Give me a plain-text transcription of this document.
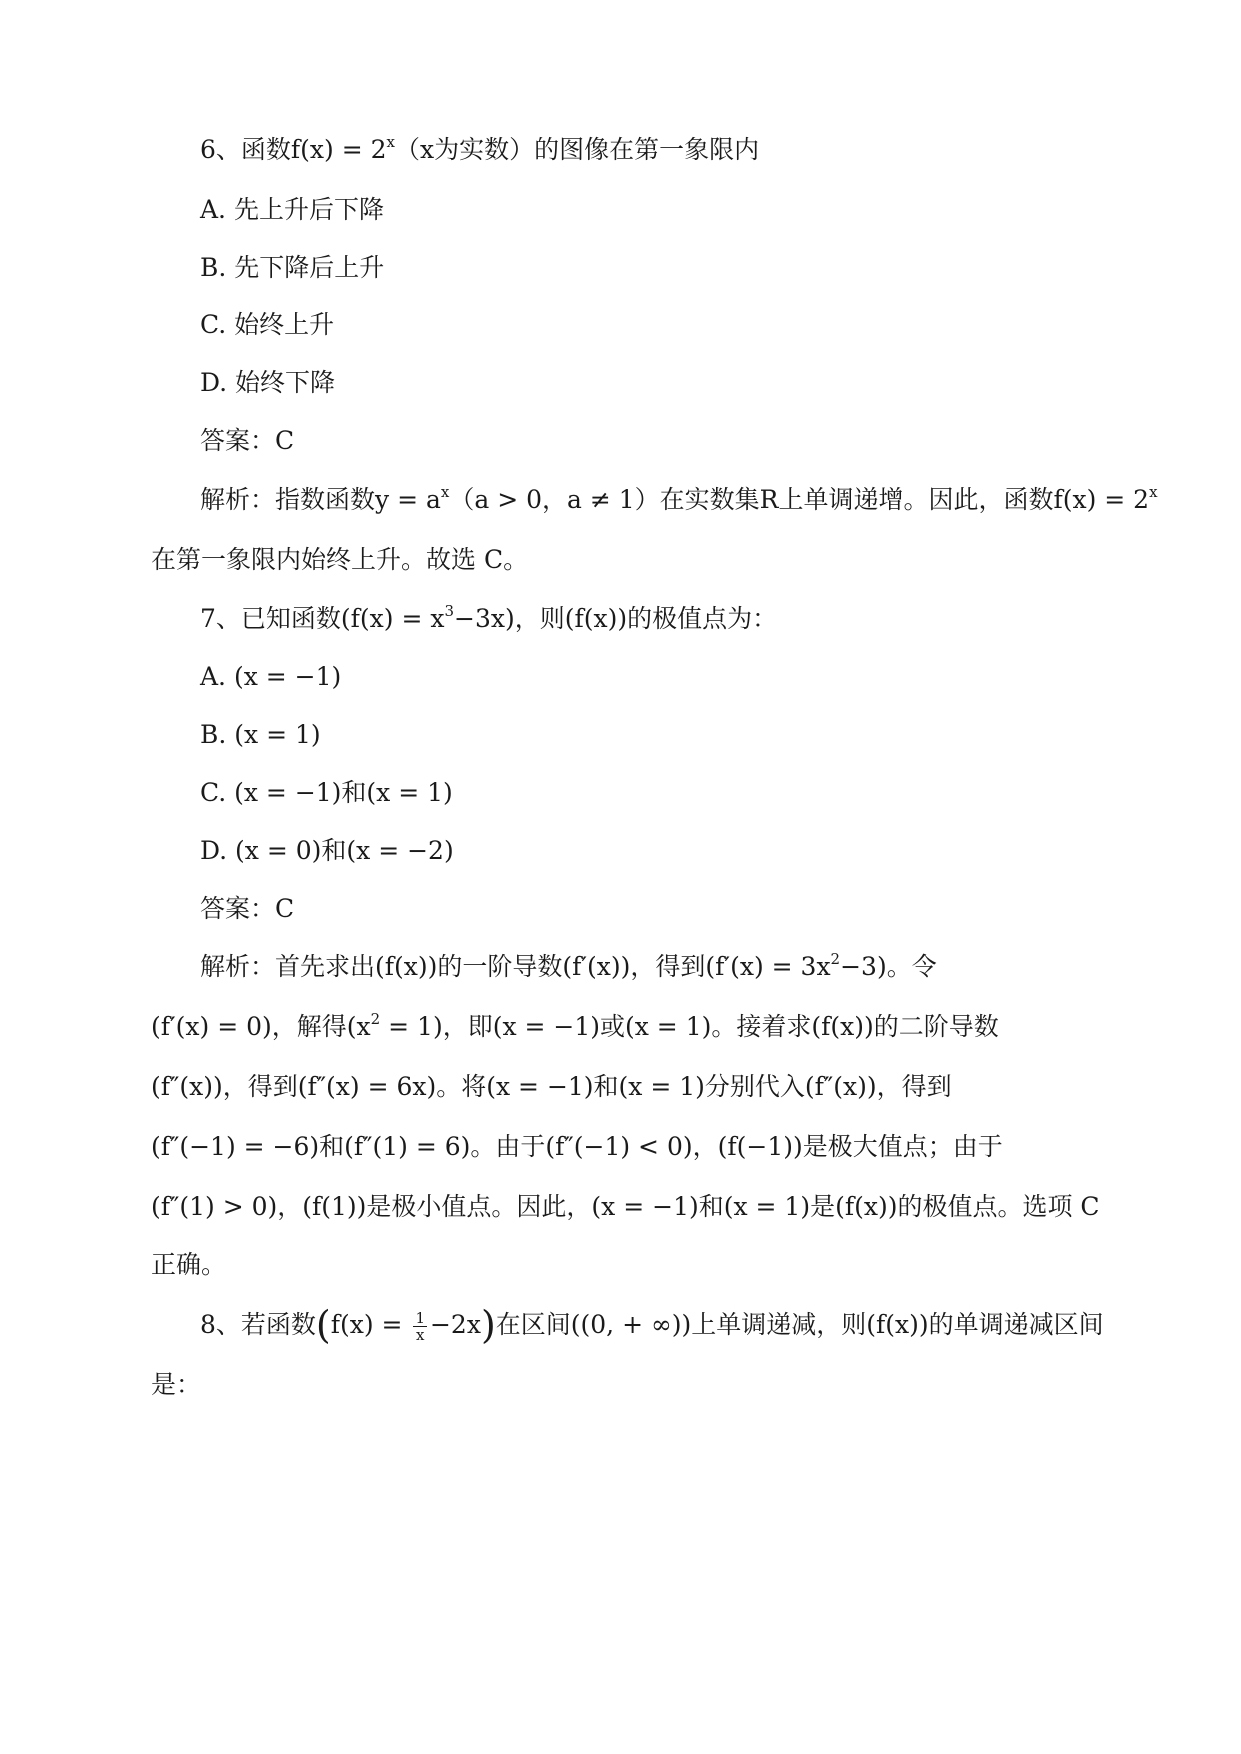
6、函数$f(x) = 2^x(x$为实数）的图像在第一象限内
A. 先上升后下降
B. 先下降后上升
C. 始终上升
D. 始终下降
答案：C
解析：指数函数$y = a^x(a > 0$，a ≠ 1）在实数集R上单调递增。因此，函数$f(x) = 2^x$
在第一象限内始终上升。故选 C。
7、已知函数$(f(x) = x^3-3x)$，则(f(x))的极值点为：
A. (x = −1)
B. (x = 1)
C. (x = −1)和(x = 1)
D. (x = 0)和(x = −2)
答案：C
解析：首先求出(f(x))的一阶导数(f′(x))，得到$(f'(x) = 3x^2-3)$。令
(f′(x) = 0)，解得$(x^2 = 1)$，即(x = −1)或(x = 1)。接着求(f(x))的二阶导数
(f″(x))，得到(f″(x) = 6x)。将(x = −1)和(x = 1)分别代入(f″(x))，得到
(f″(−1) = −6)和(f″(1) = 6)。由于(f″(−1) < 0)，(f(−1))是极大值点；由于
(f″(1) > 0)，(f(1))是极小值点。因此，(x = −1)和(x = 1)是(f(x))的极值点。选项 C
正确。
8、若函数$(f(x) = \frac{1}{x} -2x)$在区间((0, + ∞))上单调递减，则(f(x))的单调递减区间
是：
